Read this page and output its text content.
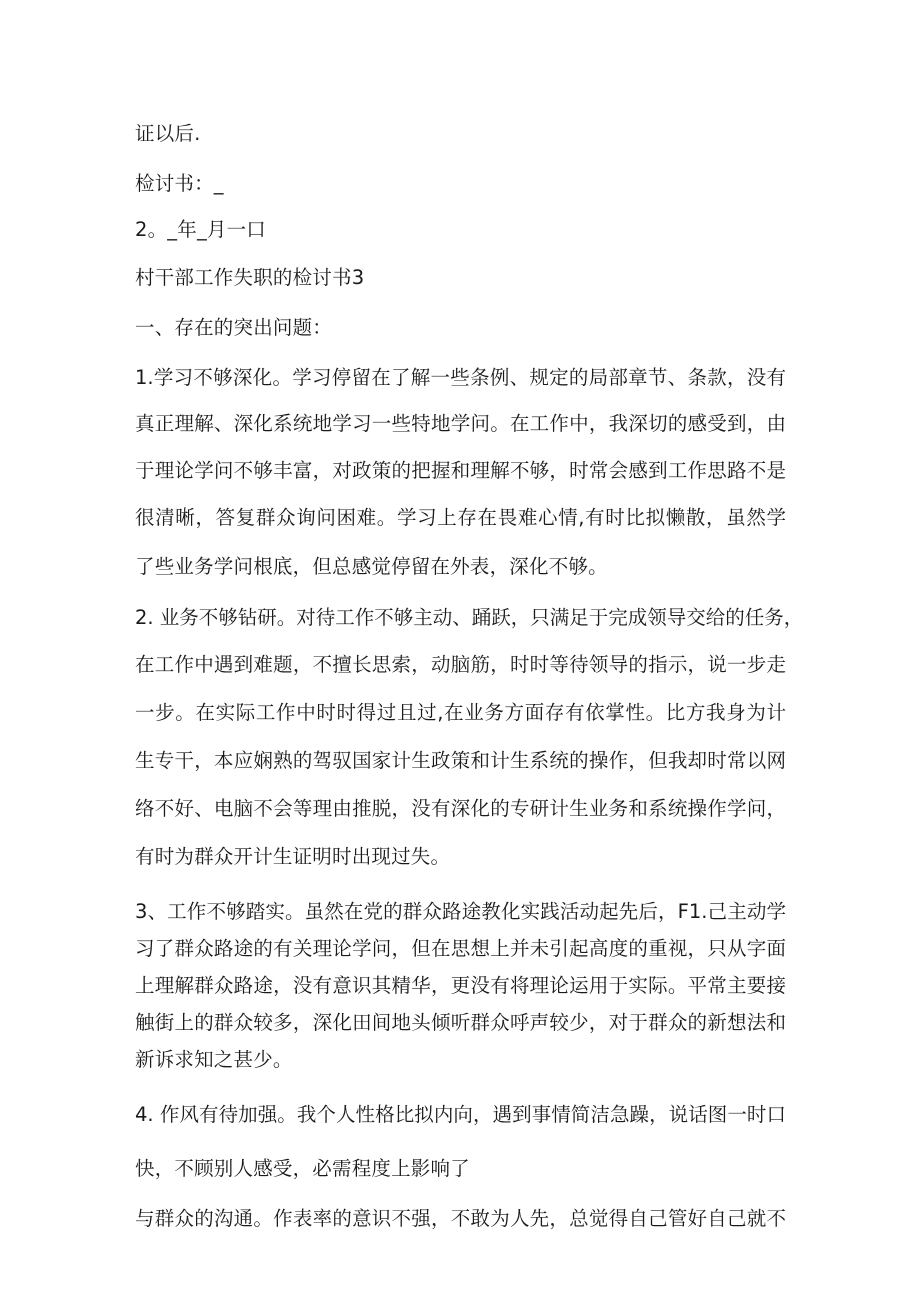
证以后.
检讨书：_
2。_年_月一口
村干部工作失职的检讨书3
一、存在的突出问题：
1.学习不够深化。学习停留在了解一些条例、规定的局部章节、条款，没有
真正理解、深化系统地学习一些特地学问。在工作中，我深切的感受到，由
于理论学问不够丰富，对政策的把握和理解不够，时常会感到工作思路不是
很清晰，答复群众询问困难。学习上存在畏难心情,有时比拟懒散，虽然学
了些业务学问根底，但总感觉停留在外表，深化不够。
2. 业务不够钻研。对待工作不够主动、踊跃，只满足于完成领导交给的任务，
在工作中遇到难题，不擅长思索，动脑筋，时时等待领导的指示，说一步走
一步。在实际工作中时时得过且过,在业务方面存有依掌性。比方我身为计
生专干，本应娴熟的驾驭国家计生政策和计生系统的操作，但我却时常以网
络不好、电脑不会等理由推脱，没有深化的专研计生业务和系统操作学问，
有时为群众开计生证明时出现过失。
3、工作不够踏实。虽然在党的群众路途教化实践活动起先后，F1.己主动学
习了群众路途的有关理论学问，但在思想上并未引起高度的重视，只从字面
上理解群众路途，没有意识其精华，更没有将理论运用于实际。平常主要接
触街上的群众较多，深化田间地头倾听群众呼声较少，对于群众的新想法和
新诉求知之甚少。
4. 作风有待加强。我个人性格比拟内向，遇到事情简洁急躁，说话图一时口
快，不顾别人感受，必需程度上影响了
与群众的沟通。作表率的意识不强，不敢为人先，总觉得自己管好自己就不
